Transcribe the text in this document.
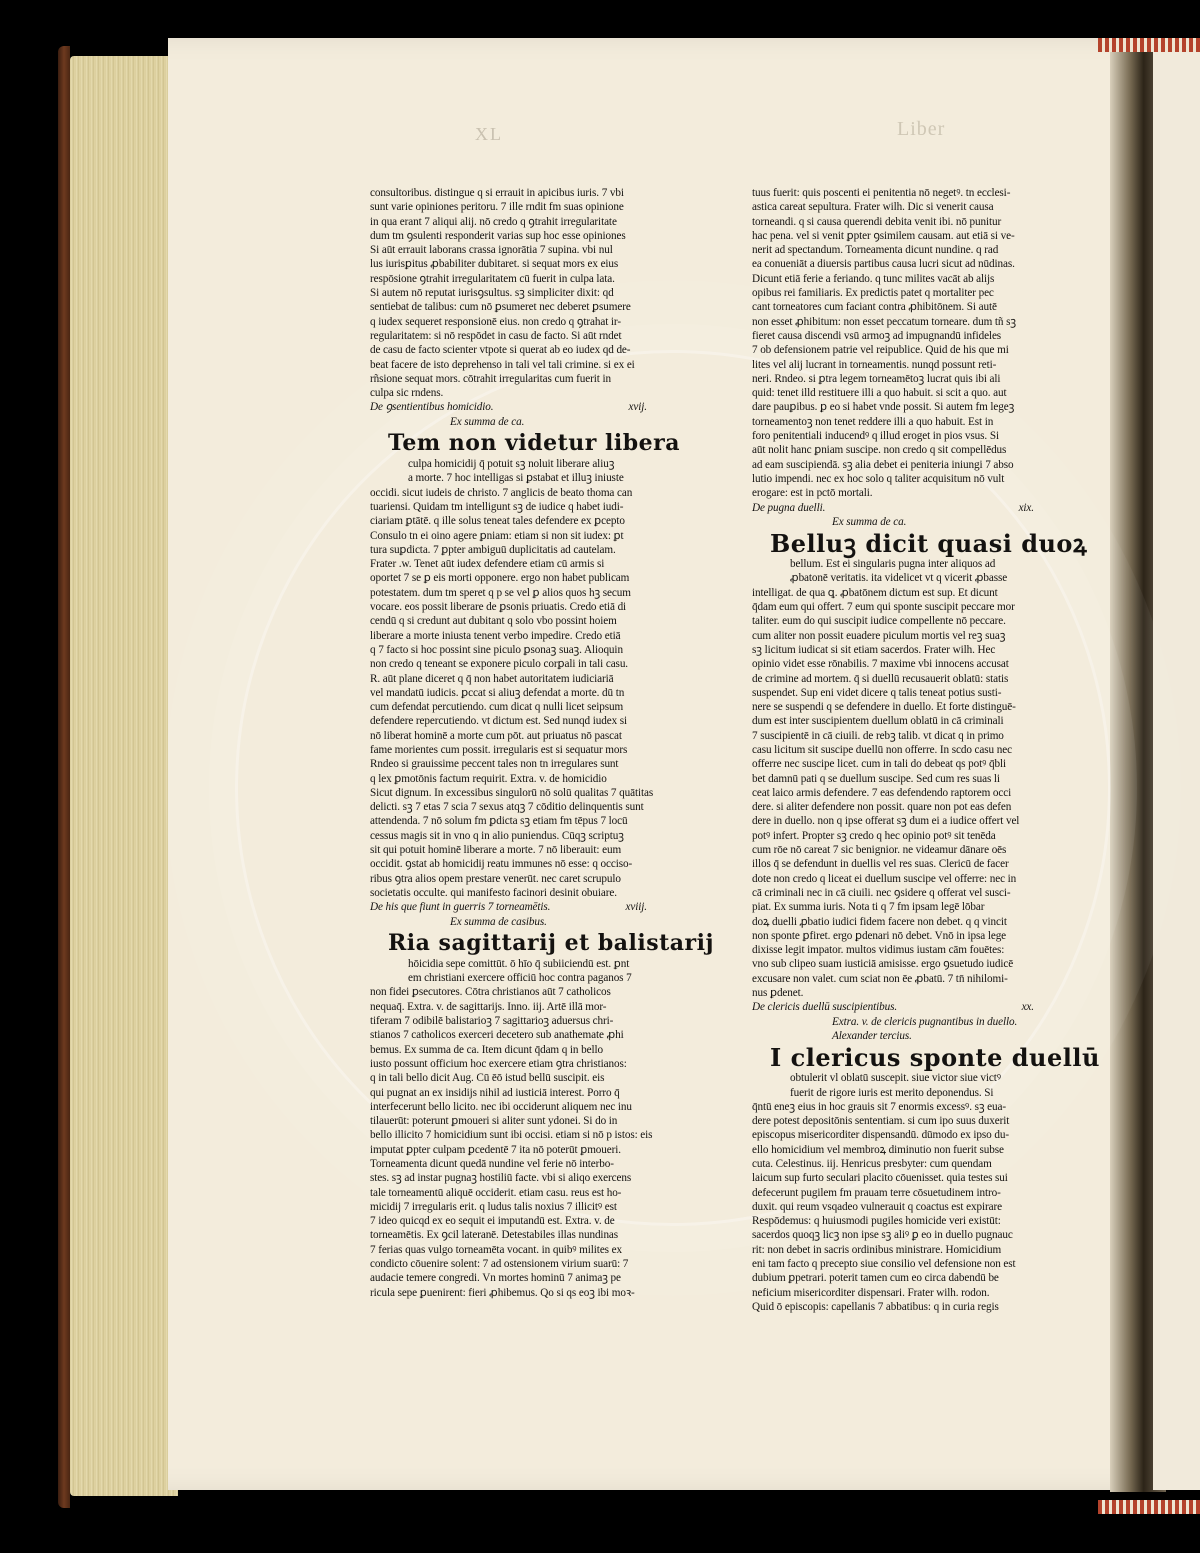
XL	Liber

consultoribus. distingue q si errauit in apicibus iuris. 7 vbi
sunt varie opiniones peritoru. 7 ille rndit fm suas opinione
in qua erant 7 aliqui alij. nō credo q ꝯtrahit irregularitate
dum tm ꝯsulenti responderit varias sup hoc esse opiniones
Si aūt errauit laborans crassa ignorātia 7 supina. vbi nul
lus iurisꝑitus ꝓbabiliter dubitaret. si sequat mors ex eius
respōsione ꝯtrahit irregularitatem cū fuerit in culpa lata.
Si autem nō reputat iurisꝯsultus. sꝫ simpliciter dixit: qd
sentiebat de talibus: cum nō ꝑsumeret nec deberet ꝑsumere
q iudex sequeret responsionē eius. non credo q ꝯtrahat ir-
regularitatem: si nō respōdet in casu de facto. Si aūt rndet
de casu de facto scienter vtpote si querat ab eo iudex qd de-
beat facere de isto deprehenso in tali vel tali crimine. si ex ei
rñsione sequat mors. cōtrahit irregularitas cum fuerit in
culpa sic rndens.

De ꝯsentientibus homicidio.	xvij.
Ex summa de ca.
Tem non videtur libera

culpa homicidij q̄ potuit sꝫ noluit liberare aliuꝫ
a morte. 7 hoc intelligas si ꝑstabat et illuꝫ iniuste

occidi. sicut iudeis de christo. 7 anglicis de beato thoma can
tuariensi. Quidam tm intelligunt sꝫ de iudice q habet iudi-
ciariam ꝑtātē. q ille solus teneat tales defendere ex ꝑcepto
Consulo tn ei oino agere ꝑniam: etiam si non sit iudex: ꝑt
tura suꝑdicta. 7 ꝑpter ambiguū duplicitatis ad cautelam.
Frater .w. Tenet aūt iudex defendere etiam cū armis si
oportet 7 se ꝑ eis morti opponere. ergo non habet publicam
potestatem. dum tm speret q p se vel ꝑ alios quos hꝫ secum
vocare. eos possit liberare de ꝑsonis priuatis. Credo etiā di
cendū q si credunt aut dubitant q solo vbo possint hoiem
liberare a morte iniusta tenent verbo impedire. Credo etiā
q 7 facto si hoc possint sine piculo ꝑsonaꝫ suaꝫ. Alioquin
non credo q teneant se exponere piculo corꝑali in tali casu.
R. aūt plane diceret q q̄ non habet autoritatem iudiciariā
vel mandatū iudicis. ꝑccat si aliuꝫ defendat a morte. dū tn
cum defendat percutiendo. cum dicat q nulli licet seipsum
defendere repercutiendo. vt dictum est. Sed nunqd iudex si
nō liberat hominē a morte cum pōt. aut priuatus nō pascat
fame morientes cum possit. irregularis est si sequatur mors
Rndeo si grauissime peccent tales non tn irregulares sunt
q lex ꝑmotōnis factum requirit. Extra. v. de homicidio
Sicut dignum. In excessibus singulorū nō solū qualitas 7 quātitas
delicti. sꝫ 7 etas 7 scia 7 sexus atqꝫ 7 cōditio delinquentis sunt
attendenda. 7 nō solum fm ꝑdicta sꝫ etiam fm tēpus 7 locū
cessus magis sit in vno q in alio puniendus. Cūqꝫ scriptuꝫ
sit qui potuit hominē liberare a morte. 7 nō liberauit: eum
occidit. ꝯstat ab homicidij reatu immunes nō esse: q occiso-
ribus ꝯtra alios opem prestare venerūt. nec caret scrupulo
societatis occulte. qui manifesto facinori desinit obuiare.

De his que fiunt in guerris 7 torneamētis.	xviij.
Ex summa de casibus.
Ria sagittarij et balistarij

hōicidia sepe comittūt. ō hīo q̄ subiiciendū est. ꝑnt
em christiani exercere officiū hoc contra paganos 7

non fidei ꝑsecutores. Cōtra christianos aūt 7 catholicos
nequaq̄. Extra. v. de sagittarijs. Inno. iij. Artē illā mor-
tiferam 7 odibilē balistarioꝫ 7 sagittarioꝫ aduersus chri-
stianos 7 catholicos exerceri decetero sub anathemate ꝓhi
bemus. Ex summa de ca. Item dicunt q̄dam q in bello
iusto possunt officium hoc exercere etiam ꝯtra christianos:
q in tali bello dicit Aug. Cū ēō istud bellū suscipit. eis
qui pugnat an ex insidijs nihil ad iusticiā interest. Porro q̄
interfecerunt bello licito. nec ibi occiderunt aliquem nec inu
tilauerūt: poterunt ꝑmoueri si aliter sunt ydonei. Si do in
bello illicito 7 homicidium sunt ibi occisi. etiam si nō p istos: eis
imputat ꝑpter culpam ꝑcedentē 7 ita nō poterūt ꝑmoueri.
Torneamenta dicunt quedā nundine vel ferie nō interbo-
stes. sꝫ ad instar pugnaꝫ hostiliū facte. vbi si aliqo exercens
tale torneamentū aliquē occiderit. etiam casu. reus est ho-
micidij 7 irregularis erit. q ludus talis noxius 7 illicitꝰ est
7 ideo quicqd ex eo sequit ei imputandū est. Extra. v. de
torneamētis. Ex ꝯcil lateranē. Detestabiles illas nundinas
7 ferias quas vulgo torneamēta vocant. in quibꝰ milites ex
condicto cōuenire solent: 7 ad ostensionem virium suarū: 7
audacie temere congredi. Vn mortes hominū 7 animaꝫ pe
ricula sepe ꝑuenirent: fieri ꝓhibemus. Qo si qs eoꝫ ibi moꝛ-

tuus fuerit: quis poscenti ei penitentia nō negetꝰ. tn ecclesi-
astica careat sepultura. Frater wilh. Dic si venerit causa
torneandi. q si causa querendi debita venit ibi. nō punitur
hac pena. vel si venit ꝑpter ꝯsimilem causam. aut etiā si ve-
nerit ad spectandum. Torneamenta dicunt nundine. q rad
ea conueniāt a diuersis partibus causa lucri sicut ad nūdinas.
Dicunt etiā ferie a feriando. q tunc milites vacāt ab alijs
opibus rei familiaris. Ex predictis patet q mortaliter pec
cant torneatores cum faciant contra ꝓhibitōnem. Si autē
non esset ꝓhibitum: non esset peccatum torneare. dum tñ sꝫ
fieret causa discendi vsū armoꝫ ad impugnandū infideles
7 ob defensionem patrie vel reipublice. Quid de his que mi
lites vel alij lucrant in torneamentis. nunqd possunt reti-
neri. Rndeo. si ꝑtra legem torneamētoꝫ lucrat quis ibi ali
quid: tenet illd restituere illi a quo habuit. si scit a quo. aut
dare pauꝑibus. ꝑ eo si habet vnde possit. Si autem fm legeꝫ
torneamentoꝫ non tenet reddere illi a quo habuit. Est in
foro penitentiali inducendꝰ q illud eroget in pios vsus. Si
aūt nolit hanc ꝑniam suscipe. non credo q sit compellēdus
ad eam suscipiendā. sꝫ alia debet ei peniteria iniungi 7 abso
lutio impendi. nec ex hoc solo q taliter acquisitum nō vult
erogare: est in pctō mortali.

De pugna duelli.	xix.
Ex summa de ca.
Belluꝫ dicit quasi duoꝝ

bellum. Est ei singularis pugna inter aliquos ad
ꝓbatonē veritatis. ita videlicet vt q vicerit ꝓbasse

intelligat. de qua ꝗ. ꝓbatōnem dictum est sup. Et dicunt
q̄dam eum qui offert. 7 eum qui sponte suscipit peccare mor
taliter. eum do qui suscipit iudice compellente nō peccare.
cum aliter non possit euadere piculum mortis vel reꝫ suaꝫ
sꝫ licitum iudicat si sit etiam sacerdos. Frater wilh. Hec
opinio videt esse rōnabilis. 7 maxime vbi innocens accusat
de crimine ad mortem. q̄ si duellū recusauerit oblatū: statis
suspendet. Sup eni videt dicere q talis teneat potius susti-
nere se suspendi q se defendere in duello. Et forte distinguē-
dum est inter suscipientem duellum oblatū in cā criminali
7 suscipientē in cā ciuili. de rebꝫ talib. vt dicat q in primo
casu licitum sit suscipe duellū non offerre. In scdo casu nec
offerre nec suscipe licet. cum in tali do debeat qs potꝰ q̄bli
bet damnū pati q se duellum suscipe. Sed cum res suas li
ceat laico armis defendere. 7 eas defendendo raptorem occi
dere. si aliter defendere non possit. quare non pot eas defen
dere in duello. non q ipse offerat sꝫ dum ei a iudice offert vel
potꝰ infert. Propter sꝫ credo q hec opinio potꝰ sit tenēda
cum rōe nō careat 7 sic benignior. ne videamur dānare oēs
illos q̄ se defendunt in duellis vel res suas. Clericū de facer
dote non credo q liceat ei duellum suscipe vel offerre: nec in
cā criminali nec in cā ciuili. nec ꝯsidere q offerat vel susci-
piat. Ex summa iuris. Nota ti q 7 fm ipsam legē lōbar
doꝝ duelli ꝓbatio iudici fidem facere non debet. q q vincit
non sponte ꝑfiret. ergo ꝑdenari nō debet. Vnō in ipsa lege
dixisse legit impator. multos vidimus iustam cām fouētes:
vno sub clipeo suam iusticiā amisisse. ergo ꝯsuetudo iudicē
excusare non valet. cum sciat non ēe ꝓbatū. 7 tn̄ nihilomi-
nus ꝑdenet.

De clericis duellū suscipientibus.	xx.
Extra. v. de clericis pugnantibus in duello.
Alexander tercius.
I clericus sponte duellū

obtulerit vl oblatū suscepit. siue victor siue victꝰ
fuerit de rigore iuris est merito deponendus. Si

q̄ntū eneꝫ eius in hoc grauis sit 7 enormis excessꝰ. sꝫ eua-
dere potest depositōnis sententiam. si cum ipo suus duxerit
episcopus misericorditer dispensandū. dūmodo ex ipso du-
ello homicidium vel membroꝝ diminutio non fuerit subse
cuta. Celestinus. iij. Henricus presbyter: cum quendam
laicum sup furto seculari placito cōuenisset. quia testes sui
defecerunt pugilem fm prauam terre cōsuetudinem intro-
duxit. qui reum vsqadeo vulnerauit q coactus est expirare
Respōdemus: q huiusmodi pugiles homicide veri existūt:
sacerdos quoqꝫ licꝫ non ipse sꝫ aliꝰ ꝑ eo in duello pugnauc
rit: non debet in sacris ordinibus ministrare. Homicidium
eni tam facto q precepto siue consilio vel defensione non est
dubium ꝑpetrari. poterit tamen cum eo circa dabendū be
neficium misericorditer dispensari. Frater wilh. rodon.
Quid ō episcopis: capellanis 7 abbatibus: q in curia regis
